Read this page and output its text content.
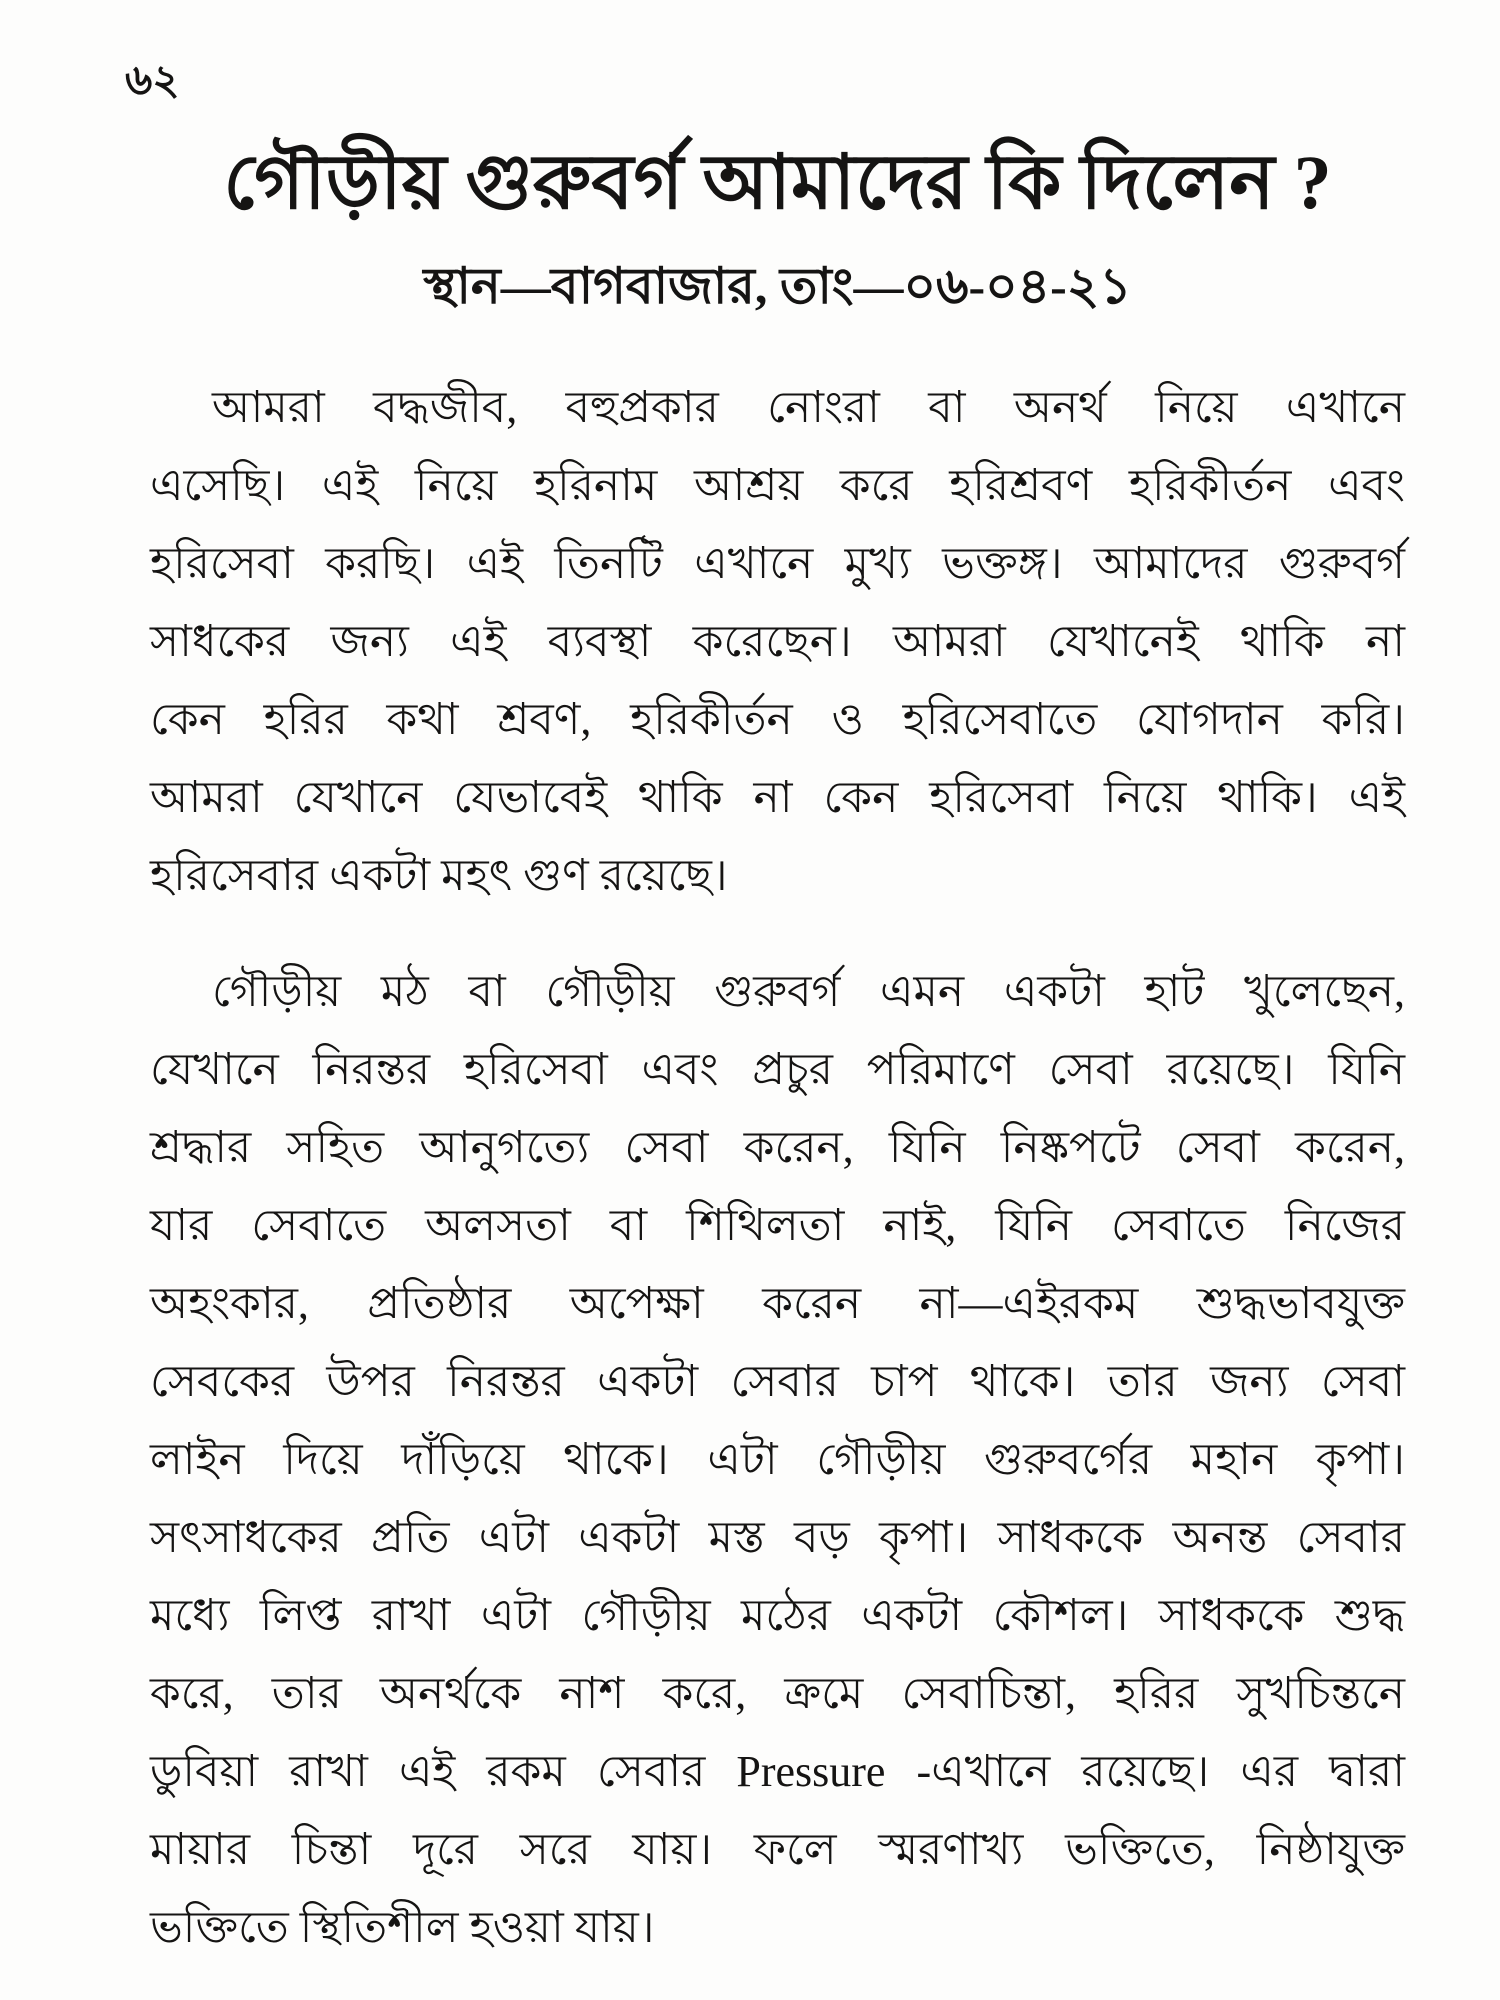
৬২
গৌড়ীয় গুরুবর্গ আমাদের কি দিলেন ?
স্থান—বাগবাজার, তাং—০৬-০৪-২১
আমরা বদ্ধজীব, বহুপ্রকার নোংরা বা অনর্থ নিয়ে এখানে
এসেছি। এই নিয়ে হরিনাম আশ্রয় করে হরিশ্রবণ হরিকীর্তন এবং
হরিসেবা করছি। এই তিনটি এখানে মুখ্য ভক্তঙ্গ। আমাদের গুরুবর্গ
সাধকের জন্য এই ব্যবস্থা করেছেন। আমরা যেখানেই থাকি না
কেন হরির কথা শ্রবণ, হরিকীর্তন ও হরিসেবাতে যোগদান করি।
আমরা যেখানে যেভাবেই থাকি না কেন হরিসেবা নিয়ে থাকি। এই
হরিসেবার একটা মহৎ গুণ রয়েছে।
গৌড়ীয় মঠ বা গৌড়ীয় গুরুবর্গ এমন একটা হাট খুলেছেন,
যেখানে নিরন্তর হরিসেবা এবং প্রচুর পরিমাণে সেবা রয়েছে। যিনি
শ্রদ্ধার সহিত আনুগত্যে সেবা করেন, যিনি নিষ্কপটে সেবা করেন,
যার সেবাতে অলসতা বা শিথিলতা নাই, যিনি সেবাতে নিজের
অহংকার, প্রতিষ্ঠার অপেক্ষা করেন না—এইরকম শুদ্ধভাবযুক্ত
সেবকের উপর নিরন্তর একটা সেবার চাপ থাকে। তার জন্য সেবা
লাইন দিয়ে দাঁড়িয়ে থাকে। এটা গৌড়ীয় গুরুবর্গের মহান কৃপা।
সৎসাধকের প্রতি এটা একটা মস্ত বড় কৃপা। সাধককে অনন্ত সেবার
মধ্যে লিপ্ত রাখা এটা গৌড়ীয় মঠের একটা কৌশল। সাধককে শুদ্ধ
করে, তার অনর্থকে নাশ করে, ক্রমে সেবাচিন্তা, হরির সুখচিন্তনে
ডুবিয়া রাখা এই রকম সেবার Pressure -এখানে রয়েছে। এর দ্বারা
মায়ার চিন্তা দূরে সরে যায়। ফলে স্মরণাখ্য ভক্তিতে, নিষ্ঠাযুক্ত
ভক্তিতে স্থিতিশীল হওয়া যায়।
